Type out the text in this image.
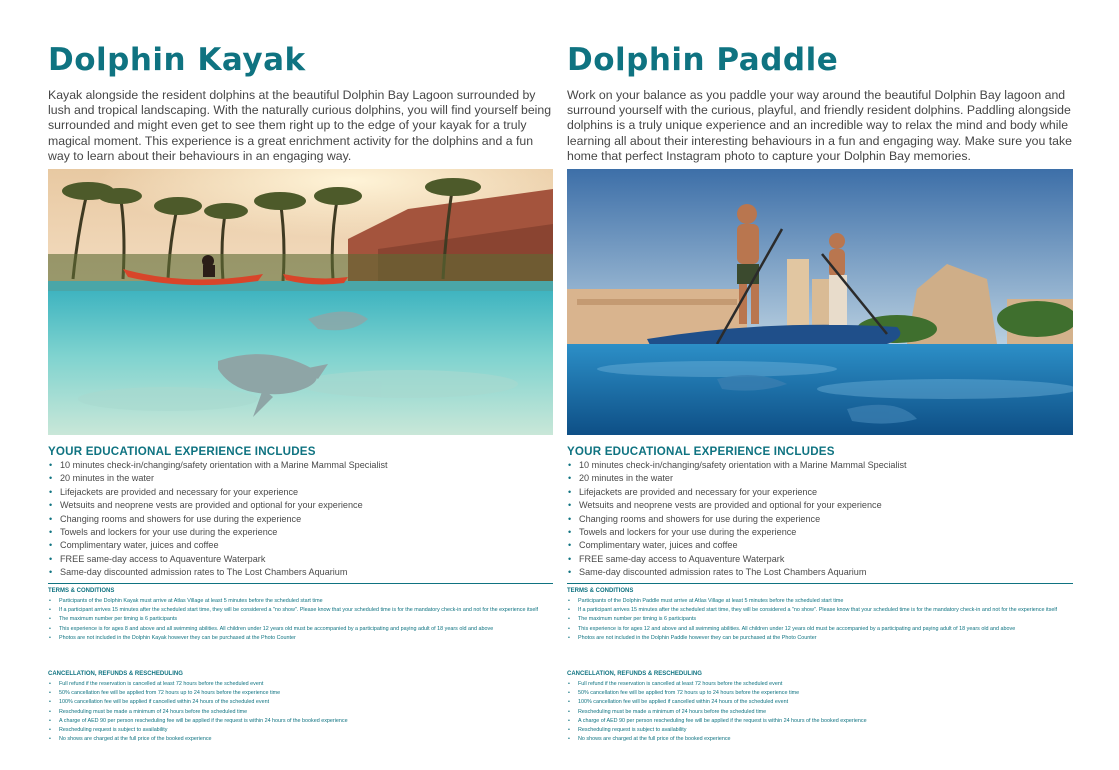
Dolphin Kayak

Kayak alongside the resident dolphins at the beautiful Dolphin Bay Lagoon surrounded by lush and tropical landscaping. With the naturally curious dolphins, you will find yourself being surrounded and might even get to see them right up to the edge of your kayak for a truly magical moment. This experience is a great enrichment activity for the dolphins and a fun way to learn about their behaviours in an engaging way.

YOUR EDUCATIONAL EXPERIENCE INCLUDES
• 10 minutes check-in/changing/safety orientation with a Marine Mammal Specialist
• 20 minutes in the water
• Lifejackets are provided and necessary for your experience
• Wetsuits and neoprene vests are provided and optional for your experience
• Changing rooms and showers for use during the experience
• Towels and lockers for your use during the experience
• Complimentary water, juices and coffee
• FREE same-day access to Aquaventure Waterpark
• Same-day discounted admission rates to The Lost Chambers Aquarium
TERMS & CONDITIONS
• Participants of the Dolphin Kayak must arrive at Atlas Village at least 5 minutes before the scheduled start time
• If a participant arrives 15 minutes after the scheduled start time, they will be considered a "no show". Please know that your scheduled time is for the mandatory check-in and not for the experience itself
• The maximum number per timing is 6 participants
• This experience is for ages 8 and above and all swimming abilities. All children under 12 years old must be accompanied by a participating and paying adult of 18 years old and above
• Photos are not included in the Dolphin Kayak however they can be purchased at the Photo Counter
CANCELLATION, REFUNDS & RESCHEDULING
• Full refund if the reservation is cancelled at least 72 hours before the scheduled event
• 50% cancellation fee will be applied from 72 hours up to 24 hours before the experience time
• 100% cancellation fee will be applied if cancelled within 24 hours of the scheduled event
• Rescheduling must be made a minimum of 24 hours before the scheduled time
• A charge of AED 90 per person rescheduling fee will be applied if the request is within 24 hours of the booked experience
• Rescheduling request is subject to availability
• No shows are charged at the full price of the booked experience
Dolphin Paddle

Work on your balance as you paddle your way around the beautiful Dolphin Bay lagoon and surround yourself with the curious, playful, and friendly resident dolphins. Paddling alongside dolphins is a truly unique experience and an incredible way to relax the mind and body while learning all about their interesting behaviours in a fun and engaging way. Make sure you take home that perfect Instagram photo to capture your Dolphin Bay memories.

YOUR EDUCATIONAL EXPERIENCE INCLUDES
• 10 minutes check-in/changing/safety orientation with a Marine Mammal Specialist
• 20 minutes in the water
• Lifejackets are provided and necessary for your experience
• Wetsuits and neoprene vests are provided and optional for your experience
• Changing rooms and showers for use during the experience
• Towels and lockers for your use during the experience
• Complimentary water, juices and coffee
• FREE same-day access to Aquaventure Waterpark
• Same-day discounted admission rates to The Lost Chambers Aquarium
TERMS & CONDITIONS
• Participants of the Dolphin Paddle must arrive at Atlas Village at least 5 minutes before the scheduled start time
• If a participant arrives 15 minutes after the scheduled start time, they will be considered a "no show". Please know that your scheduled time is for the mandatory check-in and not for the experience itself
• The maximum number per timing is 6 participants
• This experience is for ages 12 and above and all swimming abilities. All children under 12 years old must be accompanied by a participating and paying adult of 18 years old and above
• Photos are not included in the Dolphin Paddle however they can be purchased at the Photo Counter
CANCELLATION, REFUNDS & RESCHEDULING
• Full refund if the reservation is cancelled at least 72 hours before the scheduled event
• 50% cancellation fee will be applied from 72 hours up to 24 hours before the experience time
• 100% cancellation fee will be applied if cancelled within 24 hours of the scheduled event
• Rescheduling must be made a minimum of 24 hours before the scheduled time
• A charge of AED 90 per person rescheduling fee will be applied if the request is within 24 hours of the booked experience
• Rescheduling request is subject to availability
• No shows are charged at the full price of the booked experience
